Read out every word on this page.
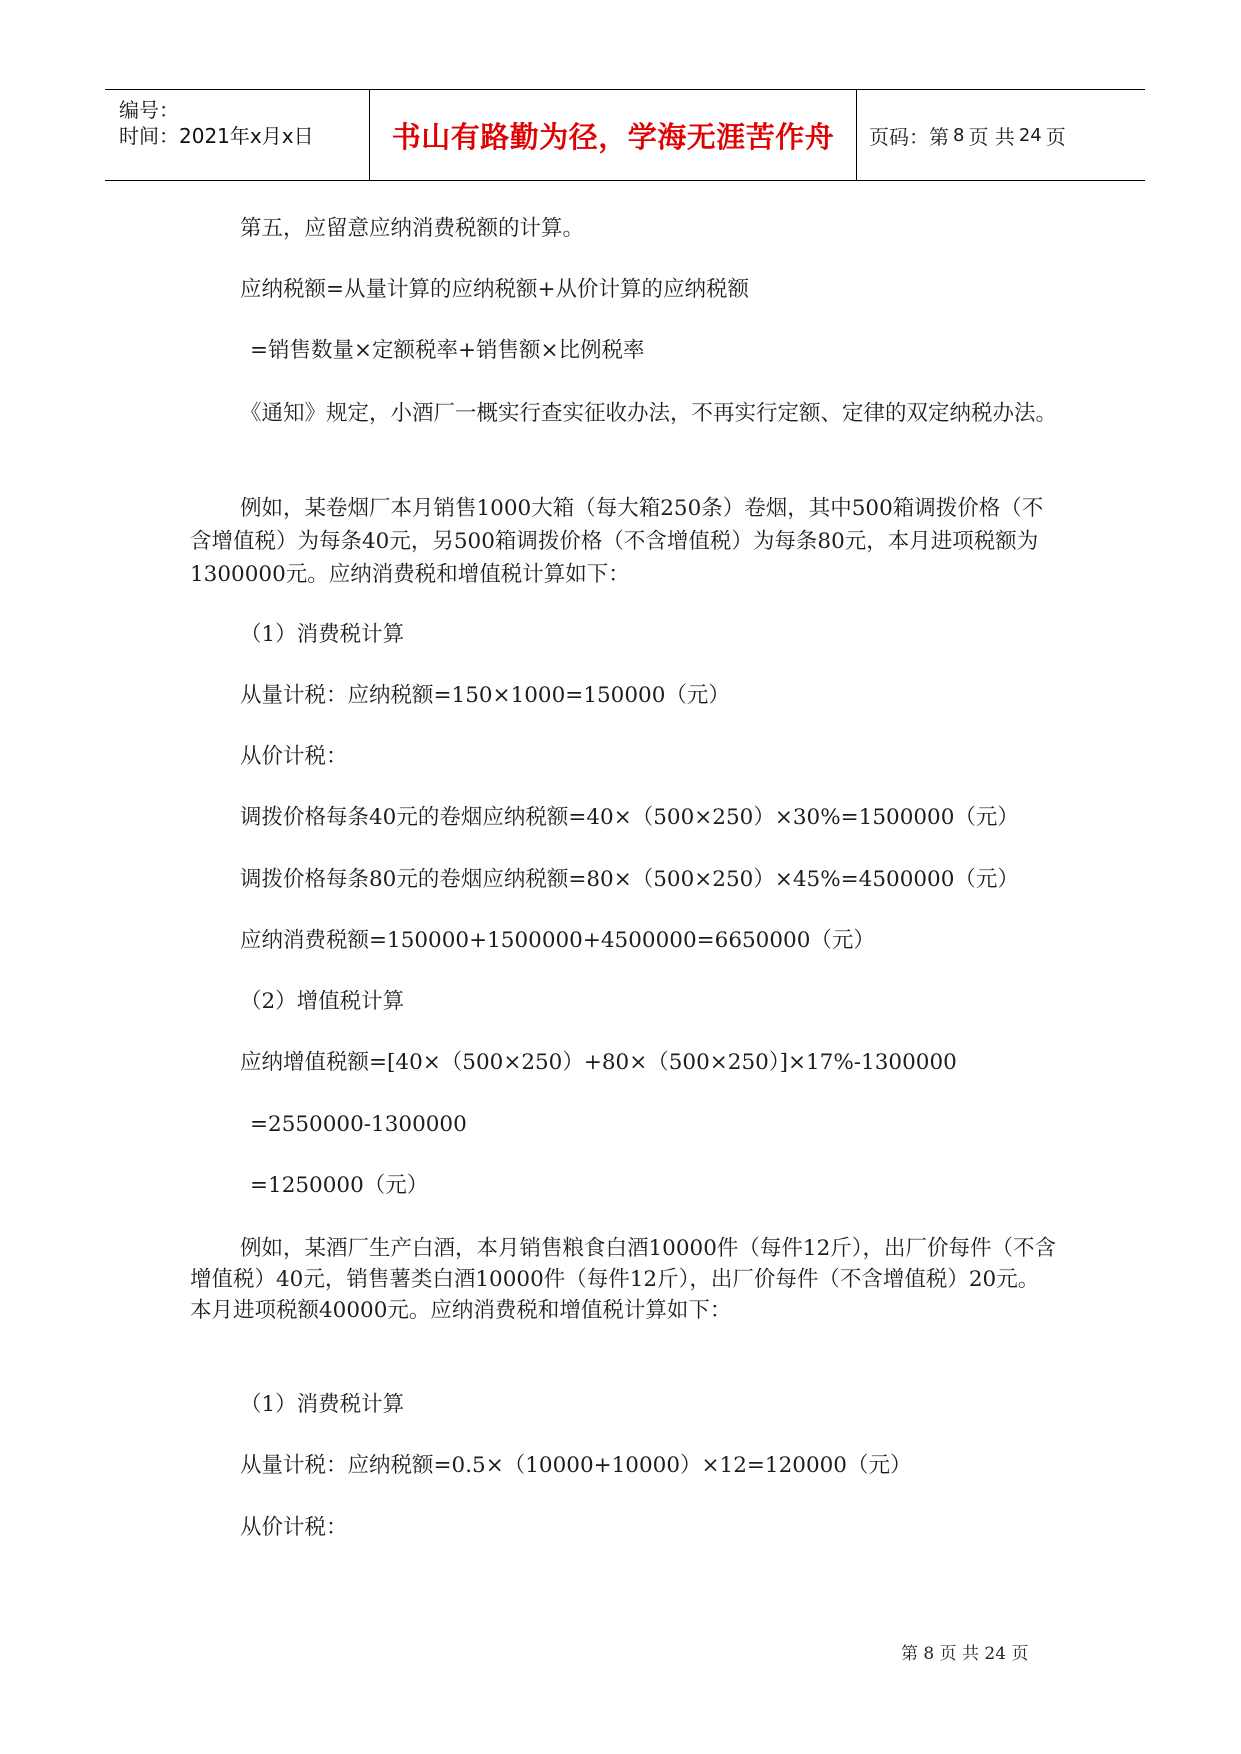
编号：
时间：2021年x月x日	书山有路勤为径，学海无涯苦作舟 页码：第 8 页 共 24 页
第五，应留意应纳消费税额的计算。
应纳税额=从量计算的应纳税额+从价计算的应纳税额
=销售数量×定额税率+销售额×比例税率
《通知》规定，小酒厂一概实行查实征收办法，不再实行定额、定律的双定纳税办法。
例如，某卷烟厂本月销售1000大箱（每大箱250条）卷烟，其中500箱调拨价格（不含增值税）为每条40元，另500箱调拨价格（不含增值税）为每条80元，本月进项税额为1300000元。应纳消费税和增值税计算如下：
（1）消费税计算
从量计税：应纳税额=150×1000=150000（元）
从价计税：
调拨价格每条40元的卷烟应纳税额=40×（500×250）×30%=1500000（元）
调拨价格每条80元的卷烟应纳税额=80×（500×250）×45%=4500000（元）
应纳消费税额=150000+1500000+4500000=6650000（元）
（2）增值税计算
应纳增值税额=[40×（500×250）+80×（500×250）]×17%-1300000
=2550000-1300000
=1250000（元）
例如，某酒厂生产白酒，本月销售粮食白酒10000件（每件12斤），出厂价每件（不含增值税）40元，销售薯类白酒10000件（每件12斤），出厂价每件（不含增值税）20元。本月进项税额40000元。应纳消费税和增值税计算如下：
（1）消费税计算
从量计税：应纳税额=0.5×（10000+10000）×12=120000（元）
从价计税：
第 8 页 共 24 页
